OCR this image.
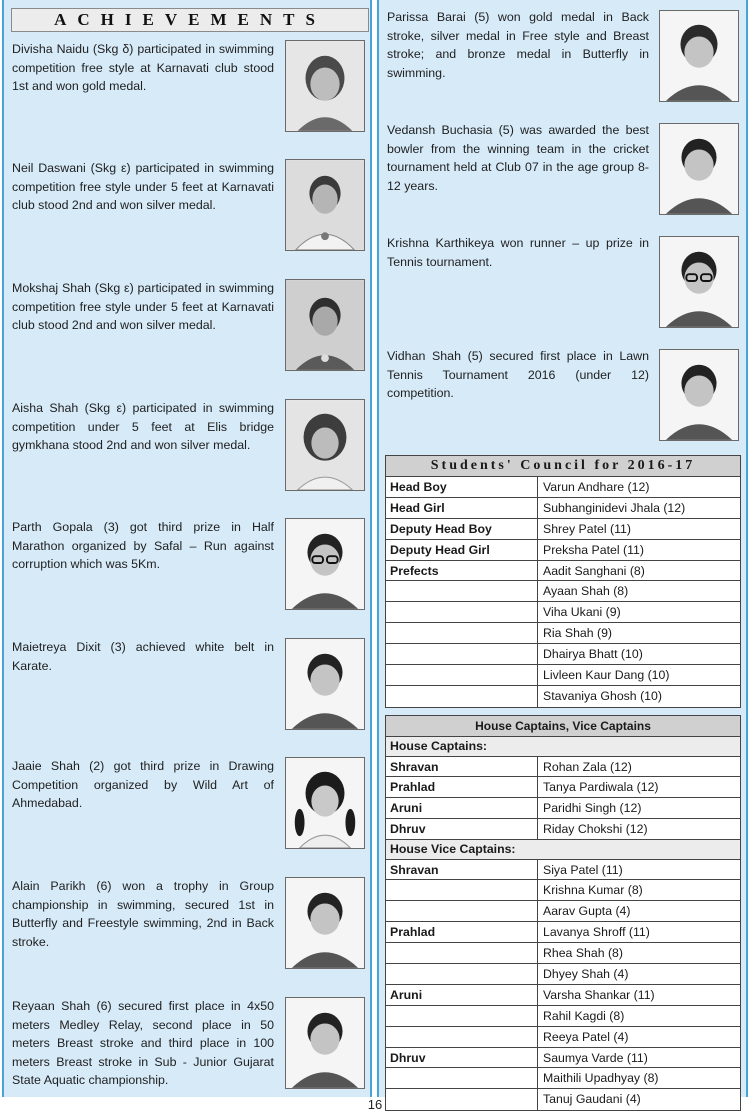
ACHIEVEMENTS
Divisha Naidu (Skg δ) participated in swimming competition free style at Karnavati club stood 1st and won gold medal.
Neil Daswani (Skg ε) participated in swimming competition free style under 5 feet at Karnavati club stood 2nd and won silver medal.
Mokshaj Shah (Skg ε) participated in swimming competition free style under 5 feet at Karnavati club stood 2nd and won silver medal.
Aisha Shah (Skg ε) participated in swimming competition under 5 feet at Elis bridge gymkhana stood 2nd and won silver medal.
Parth Gopala (3) got third prize in Half Marathon organized by Safal – Run against corruption which was 5Km.
Maietreya Dixit (3) achieved white belt in Karate.
Jaaie Shah (2) got third prize in Drawing Competition organized by Wild Art of Ahmedabad.
Alain Parikh (6) won a trophy in Group championship in swimming, secured 1st in Butterfly and Freestyle swimming, 2nd in Back stroke.
Reyaan Shah (6) secured first place in 4x50 meters Medley Relay, second place in 50 meters Breast stroke and third place in 100 meters Breast stroke in Sub - Junior Gujarat State Aquatic championship.
Parissa Barai (5) won gold medal in Back stroke, silver medal in Free style and Breast stroke; and bronze medal in Butterfly in swimming.
Vedansh Buchasia (5) was awarded the best bowler from the winning team in the cricket tournament held at Club 07 in the age group 8-12 years.
Krishna Karthikeya won runner – up prize in Tennis tournament.
Vidhan Shah (5) secured first place in Lawn Tennis Tournament 2016 (under 12) competition.
Students' Council for 2016-17
Head Boy	Varun Andhare (12)
Head Girl	Subhanginidevi Jhala (12)
Deputy Head Boy	Shrey Patel (11)
Deputy Head Girl	Preksha Patel (11)
Prefects	Aadit Sanghani (8)
Ayaan Shah (8)
Viha Ukani (9)
Ria Shah (9)
Dhairya Bhatt (10)
Livleen Kaur Dang (10)
Stavaniya Ghosh (10)
House Captains, Vice Captains
House Captains:
Shravan	Rohan Zala (12)
Prahlad	Tanya Pardiwala (12)
Aruni	Paridhi Singh (12)
Dhruv	Riday Chokshi (12)
House Vice Captains:
Shravan	Siya Patel (11)
Krishna Kumar (8)
Aarav Gupta (4)
Prahlad	Lavanya Shroff (11)
Rhea Shah (8)
Dhyey Shah (4)
Aruni	Varsha Shankar (11)
Rahil Kagdi (8)
Reeya Patel (4)
Dhruv	Saumya Varde (11)
Maithili Upadhyay (8)
Tanuj Gaudani (4)
16
